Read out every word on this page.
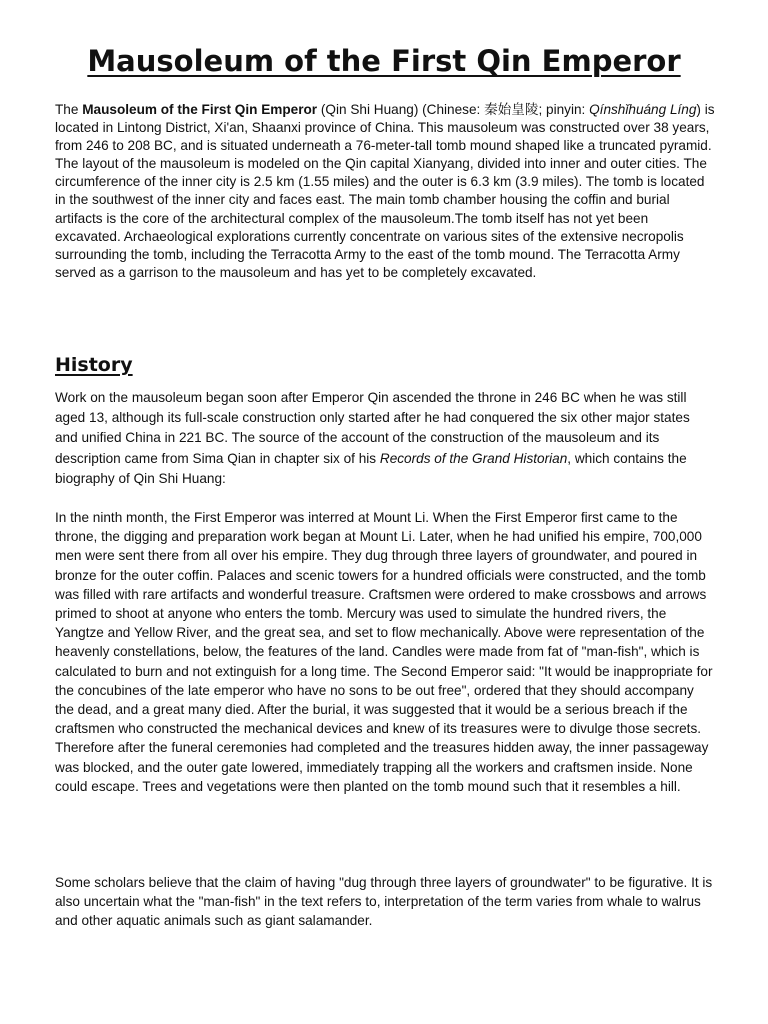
Mausoleum of the First Qin Emperor

The Mausoleum of the First Qin Emperor (Qin Shi Huang) (Chinese: 秦始皇陵; pinyin: Qínshǐhuáng Líng) is located in Lintong District, Xi'an, Shaanxi province of China. This mausoleum was constructed over 38 years, from 246 to 208 BC, and is situated underneath a 76-meter-tall tomb mound shaped like a truncated pyramid. The layout of the mausoleum is modeled on the Qin capital Xianyang, divided into inner and outer cities. The circumference of the inner city is 2.5 km (1.55 miles) and the outer is 6.3 km (3.9 miles). The tomb is located in the southwest of the inner city and faces east. The main tomb chamber housing the coffin and burial artifacts is the core of the architectural complex of the mausoleum.The tomb itself has not yet been excavated. Archaeological explorations currently concentrate on various sites of the extensive necropolis surrounding the tomb, including the Terracotta Army to the east of the tomb mound. The Terracotta Army served as a garrison to the mausoleum and has yet to be completely excavated.

History

Work on the mausoleum began soon after Emperor Qin ascended the throne in 246 BC when he was still aged 13, although its full-scale construction only started after he had conquered the six other major states and unified China in 221 BC. The source of the account of the construction of the mausoleum and its description came from Sima Qian in chapter six of his Records of the Grand Historian, which contains the biography of Qin Shi Huang:

In the ninth month, the First Emperor was interred at Mount Li. When the First Emperor first came to the throne, the digging and preparation work began at Mount Li. Later, when he had unified his empire, 700,000 men were sent there from all over his empire. They dug through three layers of groundwater, and poured in bronze for the outer coffin. Palaces and scenic towers for a hundred officials were constructed, and the tomb was filled with rare artifacts and wonderful treasure. Craftsmen were ordered to make crossbows and arrows primed to shoot at anyone who enters the tomb. Mercury was used to simulate the hundred rivers, the Yangtze and Yellow River, and the great sea, and set to flow mechanically. Above were representation of the heavenly constellations, below, the features of the land. Candles were made from fat of "man-fish", which is calculated to burn and not extinguish for a long time. The Second Emperor said: "It would be inappropriate for the concubines of the late emperor who have no sons to be out free", ordered that they should accompany the dead, and a great many died. After the burial, it was suggested that it would be a serious breach if the craftsmen who constructed the mechanical devices and knew of its treasures were to divulge those secrets. Therefore after the funeral ceremonies had completed and the treasures hidden away, the inner passageway was blocked, and the outer gate lowered, immediately trapping all the workers and craftsmen inside. None could escape. Trees and vegetations were then planted on the tomb mound such that it resembles a hill.

Some scholars believe that the claim of having "dug through three layers of groundwater" to be figurative. It is also uncertain what the "man-fish" in the text refers to, interpretation of the term varies from whale to walrus and other aquatic animals such as giant salamander.
